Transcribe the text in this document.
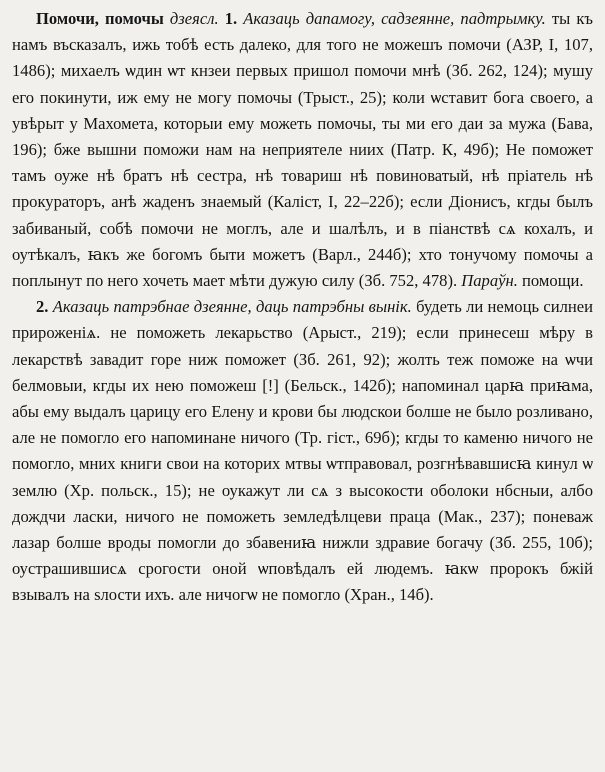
Помочи, помочы дзеясл. 1. Аказаць дапамогу, садзеянне, падтрымку. ты къ намъ въсказалъ, ижь тобѣ есть далеко, для того не можешъ помочи (АЗР, I, 107, 1486); михаелъ ѡдин ѡт кнзеи первых пришол помочи мнѣ (Зб. 262, 124); мушу его покинути, иж ему не могу помочы (Трыст., 25); коли ѡставит бога своего, а увѣрыт у Махомета, которыи ему можеть помочы, ты ми его даи за мужа (Бава, 196); бже вышни поможи нам на неприятеле ниих (Патр. К, 49б); Не поможет тамъ оуже нѣ братъ нѣ сестра, нѣ товариш нѣ повиноватый, нѣ пріатель нѣ прокураторъ, анѣ жаденъ знаемый (Каліст, I, 22–22б); если Діонисъ, кгды былъ забиваный, собѣ помочи не моглъ, але и шалѣлъ, и в піанствѣ сѧ кохалъ, и оутѣкалъ, ꙗкъ же богомъ быти можетъ (Варл., 244б); хто тонучому помочы а поплынут по него хочеть мает мѣти дужую силу (Зб. 752, 478). Параўн. помощи.

2. Аказаць патрэбнае дзеянне, даць патрэбны вынік. будеть ли немоць силнеи прироженіѧ. не поможеть лекарьство (Арыст., 219); если принесеш мѣру в лекарствѣ завадит горе ниж поможет (Зб. 261, 92); жолть теж поможе на ѡчи белмовыи, кгды их нею поможеш [!] (Бельск., 142б); напоминал царꙗ приꙗма, абы ему выдалъ царицу его Елену и крови бы людскои болше не было розливано, але не помогло его напоминане ничого (Тр. гіст., 69б); кгды то каменю ничого не помогло, мних книги свои на которих мтвы ѡтправовал, розгнѣвавшисꙗ кинул ѡ землю (Хр. польск., 15); не оукажут ли сѧ з высокости оболоки нбсныи, албо дождчи ласки, ничого не поможеть земледѣлцеви праца (Мак., 237); поневаж лазар болше вроды помогли до збавениꙗ нижли здравие богачу (Зб. 255, 10б); оустрашившисѧ срогости оной ѡповѣдалъ ей людемъ. ꙗкѡ пророкъ бжій взывалъ на ѕлости ихъ. але ничогѡ не помогло (Хран., 14б).
